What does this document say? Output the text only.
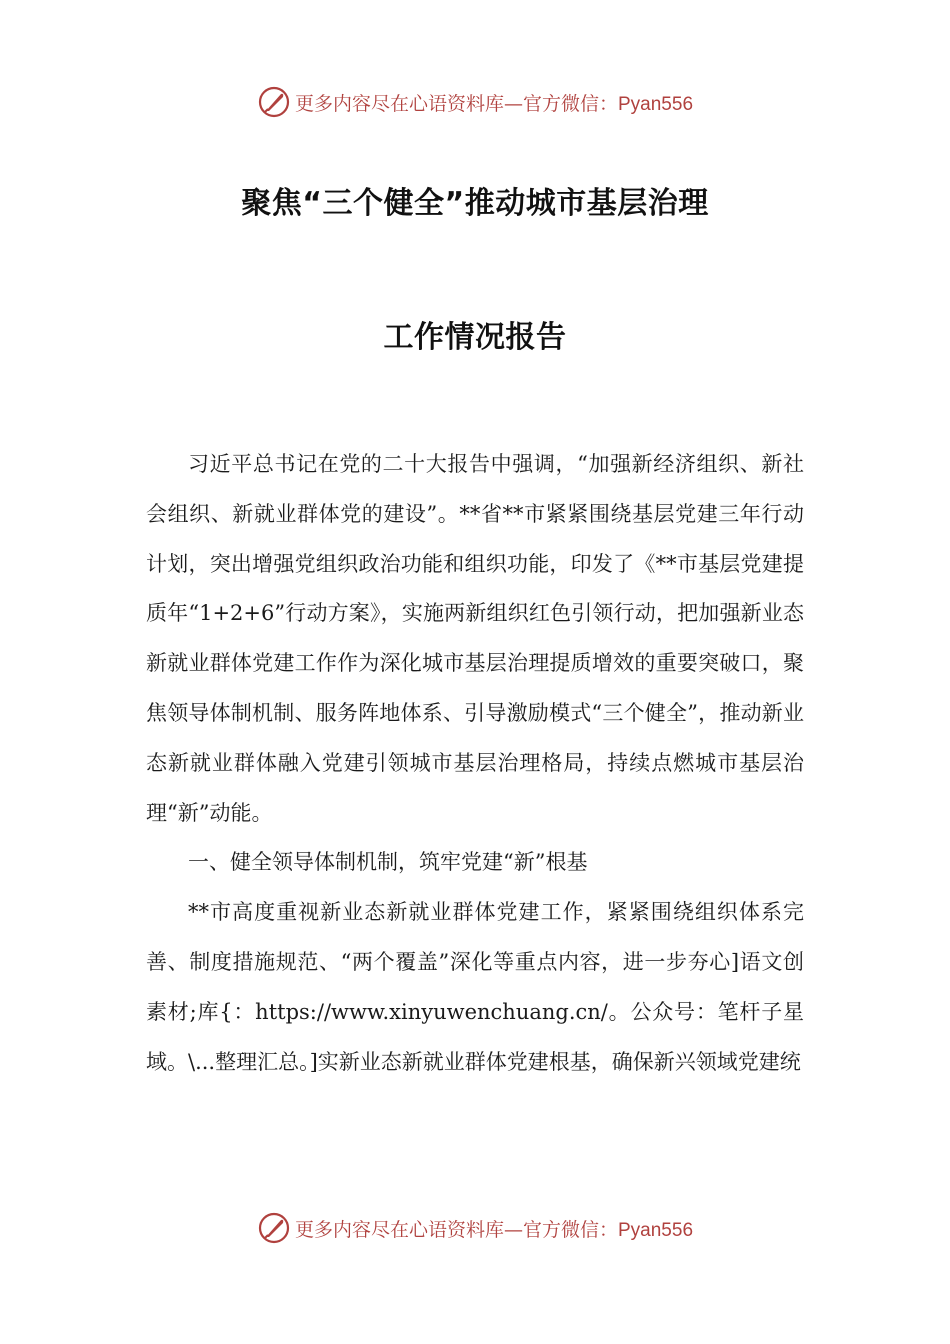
更多内容尽在心语资料库—官方微信：Pyan556
聚焦“三个健全”推动城市基层治理
工作情况报告

习近平总书记在党的二十大报告中强调，“加强新经济组织、新社会组织、新就业群体党的建设”。**省**市紧紧围绕基层党建三年行动计划，突出增强党组织政治功能和组织功能，印发了《**市基层党建提质年“1+2+6”行动方案》，实施两新组织红色引领行动，把加强新业态新就业群体党建工作作为深化城市基层治理提质增效的重要突破口，聚焦领导体制机制、服务阵地体系、引导激励模式“三个健全”，推动新业态新就业群体融入党建引领城市基层治理格局，持续点燃城市基层治理“新”动能。

一、健全领导体制机制，筑牢党建“新”根基

**市高度重视新业态新就业群体党建工作，紧紧围绕组织体系完善、制度措施规范、“两个覆盖”深化等重点内容，进一步夯心]语文创素材;库{：https://www.xinyuwenchuang.cn/。公众号：笔杆子星域。\...整理汇总。]实新业态新就业群体党建根基，确保新兴领域党建统

更多内容尽在心语资料库—官方微信：Pyan556
